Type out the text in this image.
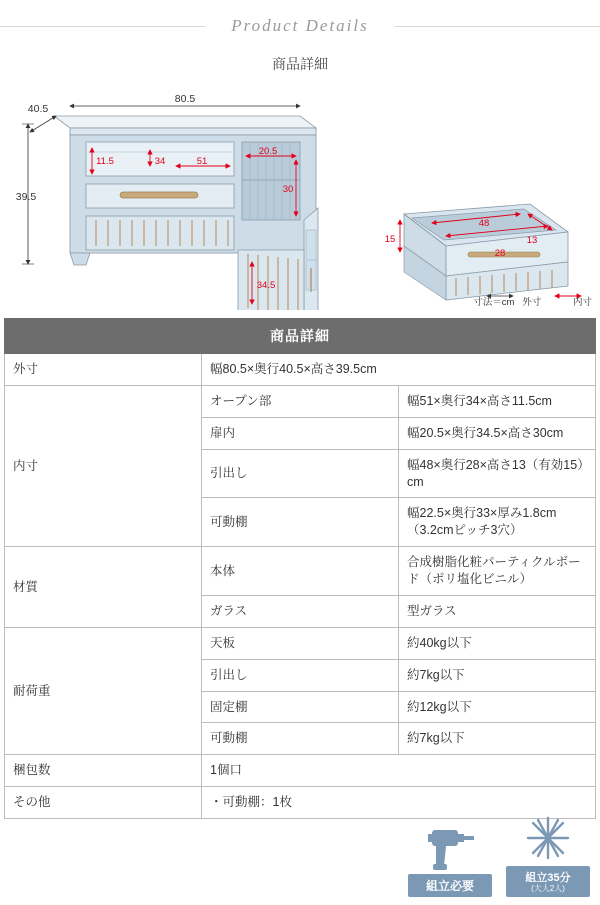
Product Details
商品詳細
80.5
40.5
39.5
11.5	34	51
20.5
30
34.5
48
13
28
15
寸法＝cm 外寸	内寸
商品詳細		
外寸	幅80.5×奥行40.5×高さ39.5cm	
内寸	オープン部	幅51×奥行34×高さ11.5cm
	扉内	幅20.5×奥行34.5×高さ30cm
	引出し	幅48×奥行28×高さ13（有効15）cm
	可動棚	幅22.5×奥行33×厚み1.8cm（3.2cmピッチ3穴）
材質	本体	合成樹脂化粧パーティクルボード（ポリ塩化ビニル）
	ガラス	型ガラス
耐荷重	天板	約40kg以下
	引出し	約7kg以下
	固定棚	約12kg以下
	可動棚	約7kg以下
梱包数	1個口	
その他	・可動棚：1枚	
組立必要
組立35分
(大人2人)
